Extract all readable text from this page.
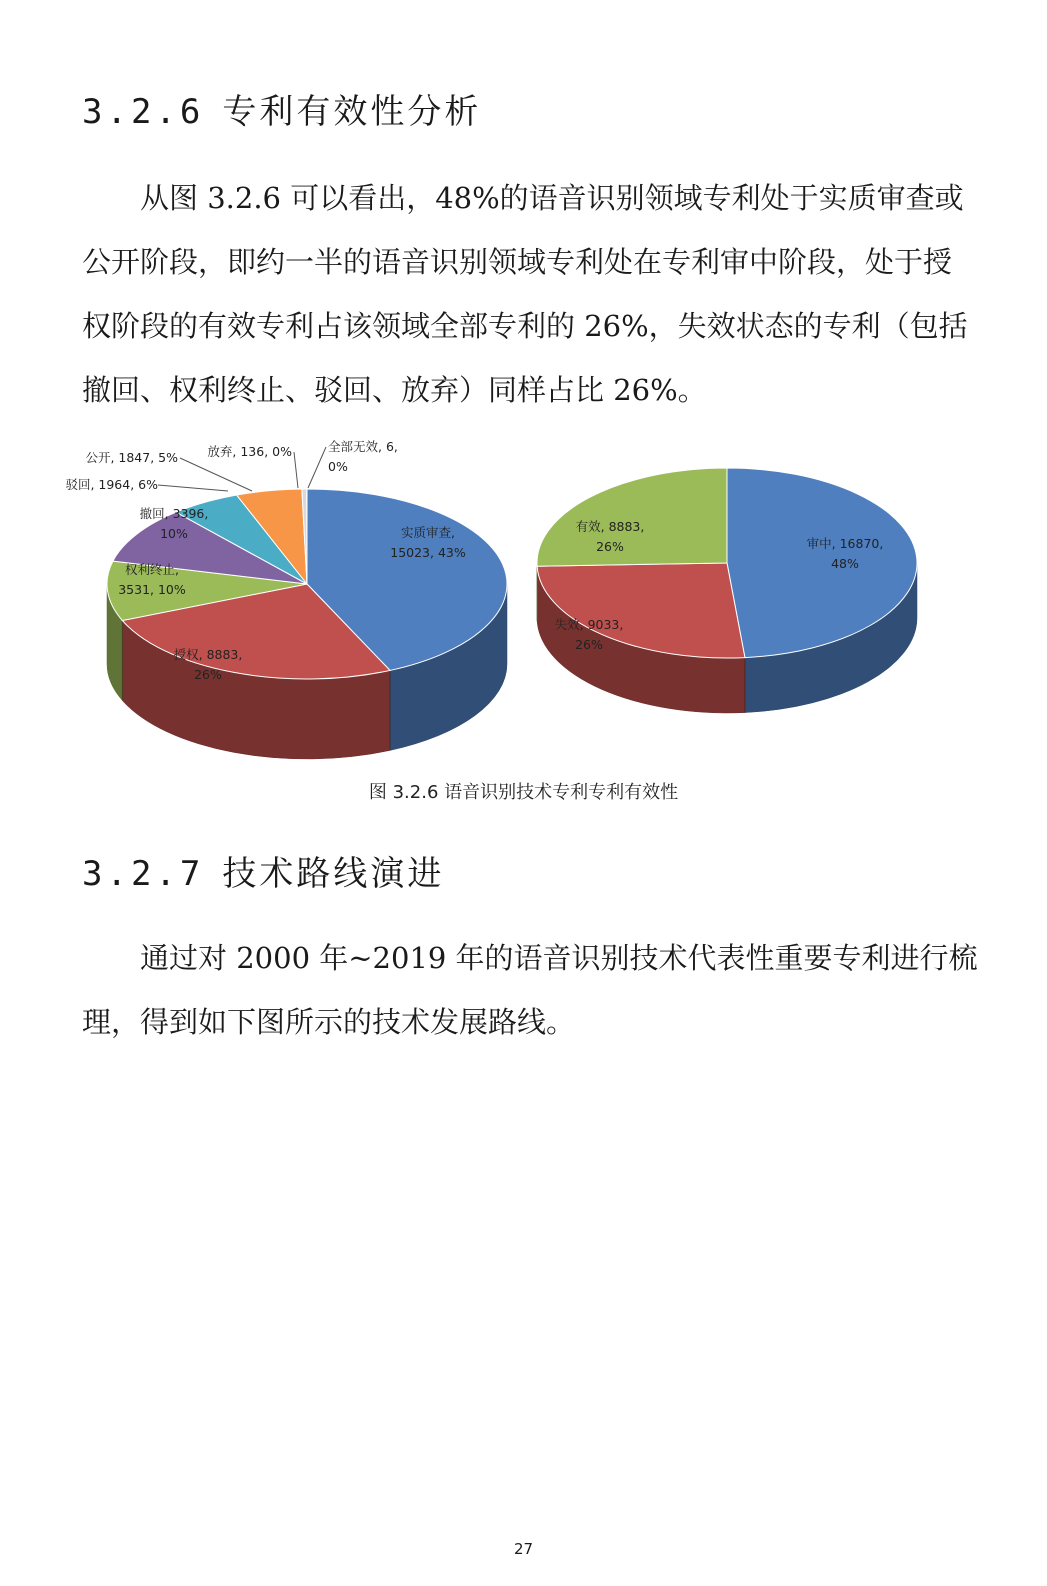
3.2.6 专利有效性分析

从图 3.2.6 可以看出，48%的语音识别领域专利处于实质审查或
公开阶段，即约一半的语音识别领域专利处在专利审中阶段，处于授
权阶段的有效专利占该领域全部专利的 26%，失效状态的专利（包括
撤回、权利终止、驳回、放弃）同样占比 26%。

实质审查, 15023, 43%
授权, 8883, 26%
权利终止, 3531, 10%
撤回, 3396, 10%
驳回, 1964, 6%
公开, 1847, 5% 放弃, 136, 0%	全部无效, 6, 0%
审中, 16870, 48%
失效, 9033, 26%
有效, 8883, 26%
图 3.2.6 语音识别技术专利专利有效性
3.2.7 技术路线演进

通过对 2000 年~2019 年的语音识别技术代表性重要专利进行梳
理，得到如下图所示的技术发展路线。

27
